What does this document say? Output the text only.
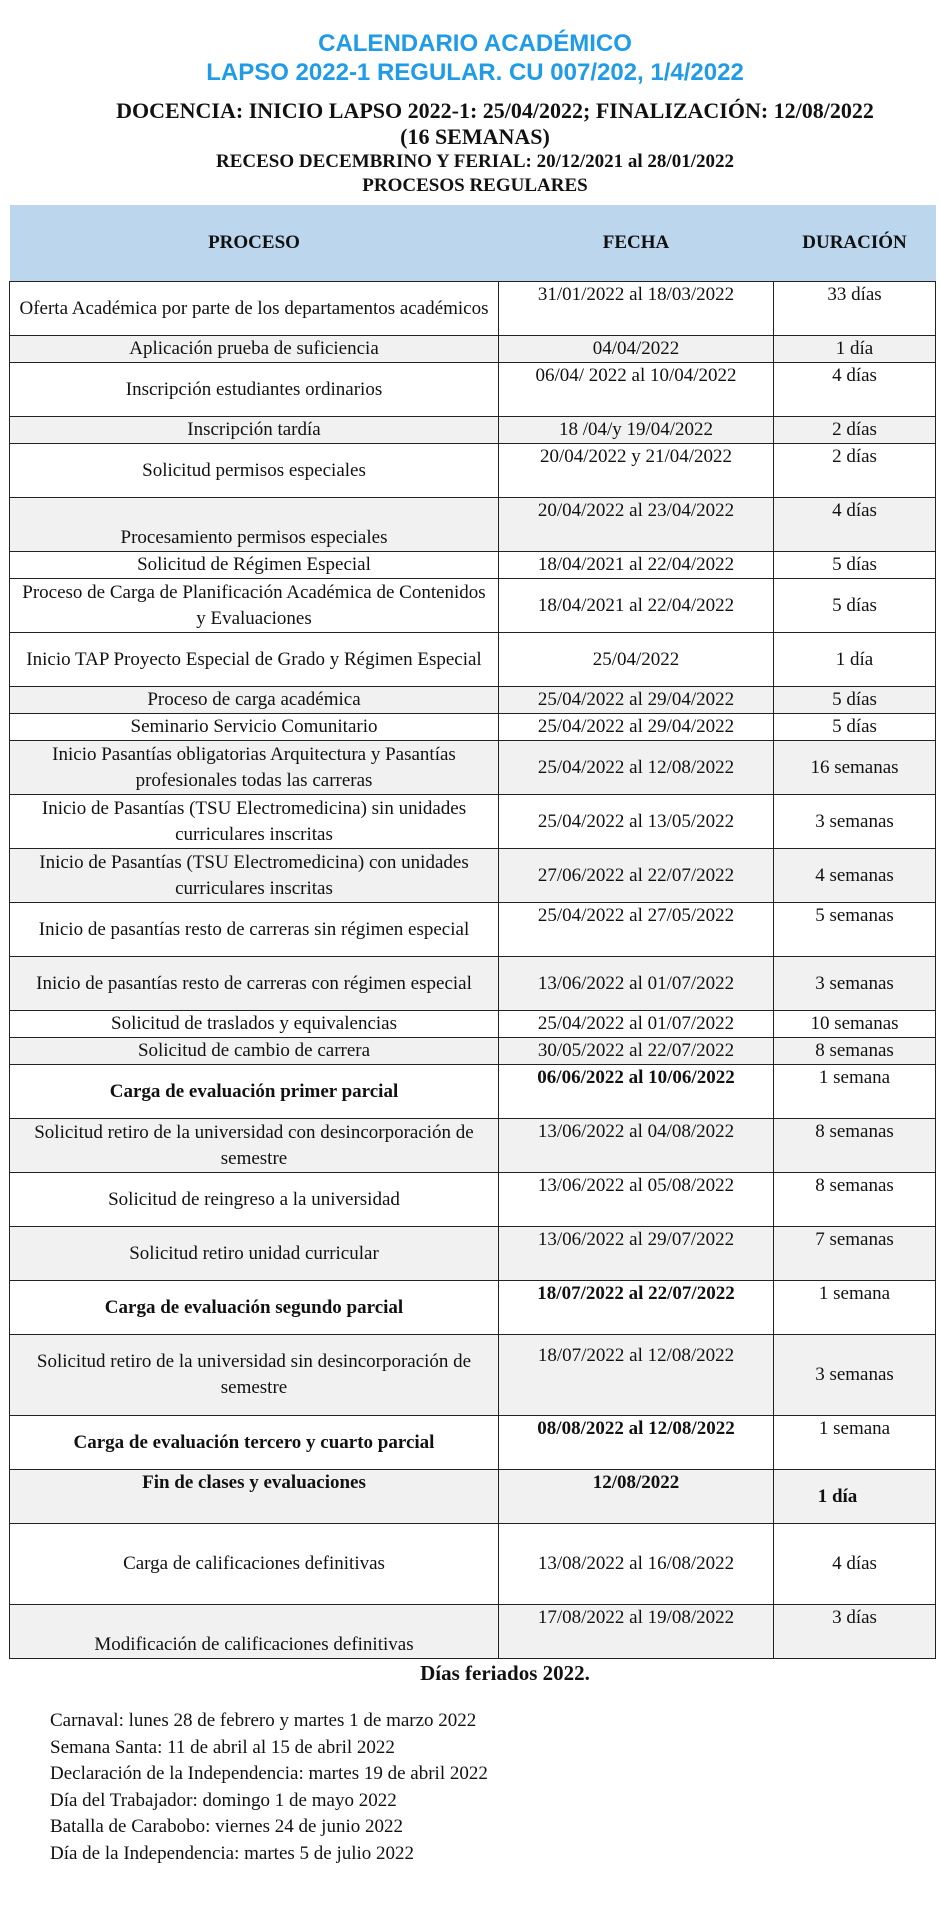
CALENDARIO ACADÉMICO
LAPSO 2022-1 REGULAR. CU 007/202, 1/4/2022
DOCENCIA: INICIO LAPSO 2022-1: 25/04/2022; FINALIZACIÓN: 12/08/2022
(16 SEMANAS)
RECESO DECEMBRINO Y FERIAL: 20/12/2021 al 28/01/2022
PROCESOS REGULARES
PROCESO	FECHA	DURACIÓN
Oferta Académica por parte de los departamentos académicos	31/01/2022 al 18/03/2022	33 días
Aplicación prueba de suficiencia	04/04/2022	1 día
Inscripción estudiantes ordinarios	06/04/ 2022 al 10/04/2022	4 días
Inscripción tardía	18 /04/y 19/04/2022	2 días
Solicitud permisos especiales	20/04/2022 y 21/04/2022	2 días
Procesamiento permisos especiales	20/04/2022 al 23/04/2022	4 días
Solicitud de Régimen Especial	18/04/2021 al 22/04/2022	5 días
Proceso de Carga de Planificación Académica de Contenidos y Evaluaciones	18/04/2021 al 22/04/2022	5 días
Inicio TAP Proyecto Especial de Grado y Régimen Especial	25/04/2022	1 día
Proceso de carga académica	25/04/2022 al 29/04/2022	5 días
Seminario Servicio Comunitario	25/04/2022 al 29/04/2022	5 días
Inicio Pasantías obligatorias Arquitectura y Pasantías profesionales todas las carreras	25/04/2022 al 12/08/2022	16 semanas
Inicio de Pasantías (TSU Electromedicina) sin unidades curriculares inscritas	25/04/2022 al 13/05/2022	3 semanas
Inicio de Pasantías (TSU Electromedicina) con unidades curriculares inscritas	27/06/2022 al 22/07/2022	4 semanas
Inicio de pasantías resto de carreras sin régimen especial	25/04/2022 al 27/05/2022	5 semanas
Inicio de pasantías resto de carreras con régimen especial	13/06/2022 al 01/07/2022	3 semanas
Solicitud de traslados y equivalencias	25/04/2022 al 01/07/2022	10 semanas
Solicitud de cambio de carrera	30/05/2022 al 22/07/2022	8 semanas
Carga de evaluación primer parcial	06/06/2022 al 10/06/2022	1 semana
Solicitud retiro de la universidad con desincorporación de semestre	13/06/2022 al 04/08/2022	8 semanas
Solicitud de reingreso a la universidad	13/06/2022 al 05/08/2022	8 semanas
Solicitud retiro unidad curricular	13/06/2022 al 29/07/2022	7 semanas
Carga de evaluación segundo parcial	18/07/2022 al 22/07/2022	1 semana
Solicitud retiro de la universidad sin desincorporación de semestre	18/07/2022 al 12/08/2022	3 semanas
Carga de evaluación tercero y cuarto parcial	08/08/2022 al 12/08/2022	1 semana
Fin de clases y evaluaciones	12/08/2022	1 día
Carga de calificaciones definitivas	13/08/2022 al 16/08/2022	4 días
Modificación de calificaciones definitivas	17/08/2022 al 19/08/2022	3 días
Días feriados 2022.
Carnaval: lunes 28 de febrero y martes 1 de marzo 2022
Semana Santa: 11 de abril al 15 de abril 2022
Declaración de la Independencia: martes 19 de abril 2022
Día del Trabajador: domingo 1 de mayo 2022
Batalla de Carabobo: viernes 24 de junio 2022
Día de la Independencia: martes 5 de julio 2022
